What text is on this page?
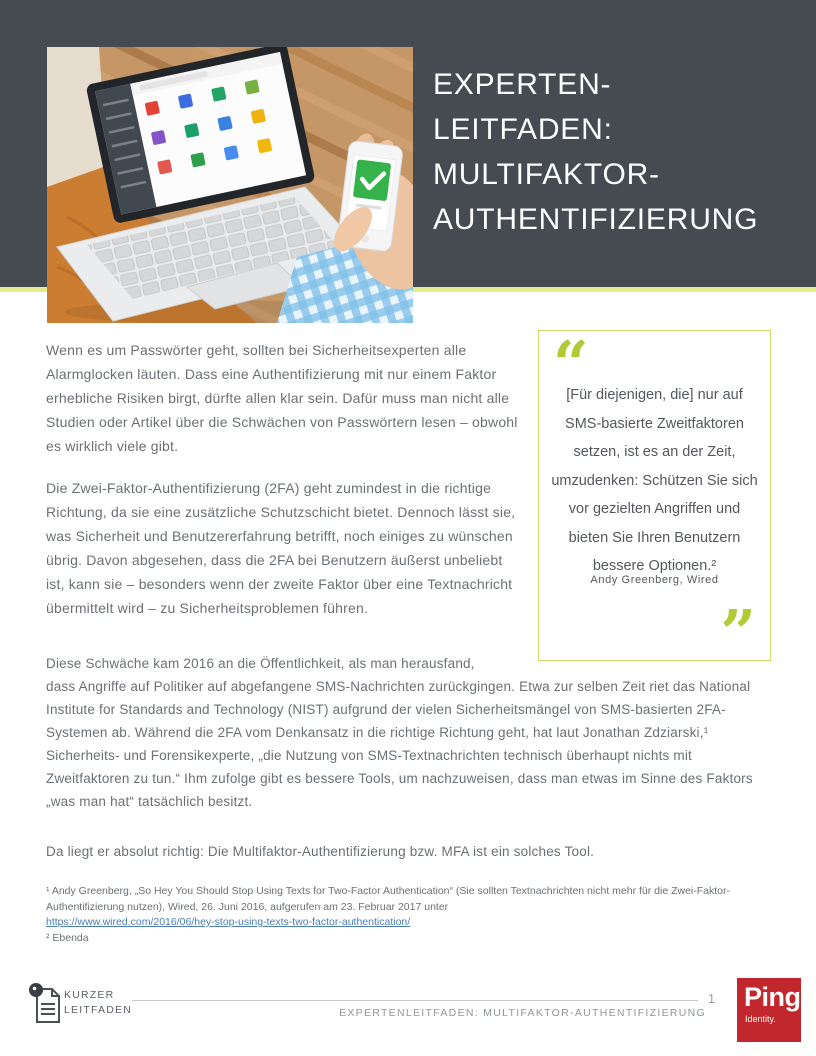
EXPERTEN-
LEITFADEN:
MULTIFAKTOR-
AUTHENTIFIZIERUNG

Wenn es um Passwörter geht, sollten bei Sicherheitsexperten alle Alarmglocken läuten. Dass eine Authentifizierung mit nur einem Faktor erhebliche Risiken birgt, dürfte allen klar sein. Dafür muss man nicht alle Studien oder Artikel über die Schwächen von Passwörtern lesen – obwohl es wirklich viele gibt.

Die Zwei-Faktor-Authentifizierung (2FA) geht zumindest in die richtige Richtung, da sie eine zusätzliche Schutzschicht bietet. Dennoch lässt sie, was Sicherheit und Benutzererfahrung betrifft, noch einiges zu wünschen übrig. Davon abgesehen, dass die 2FA bei Benutzern äußerst unbeliebt ist, kann sie – besonders wenn der zweite Faktor über eine Textnachricht übermittelt wird – zu Sicherheitsproblemen führen.

“

[Für diejenigen, die] nur auf SMS-basierte Zweitfaktoren setzen, ist es an der Zeit, umzudenken: Schützen Sie sich vor gezielten Angriffen und bieten Sie Ihren Benutzern bessere Optionen.²

Andy Greenberg, Wired

”

Diese Schwäche kam 2016 an die Öffentlichkeit, als man herausfand,

dass Angriffe auf Politiker auf abgefangene SMS-Nachrichten zurückgingen. Etwa zur selben Zeit riet das National Institute for Standards and Technology (NIST) aufgrund der vielen Sicherheitsmängel von SMS-basierten 2FA-Systemen ab. Während die 2FA vom Denkansatz in die richtige Richtung geht, hat laut Jonathan Zdziarski,¹ Sicherheits- und Forensikexperte, „die Nutzung von SMS-Textnachrichten technisch überhaupt nichts mit Zweitfaktoren zu tun.“ Ihm zufolge gibt es bessere Tools, um nachzuweisen, dass man etwas im Sinne des Faktors „was man hat“ tatsächlich besitzt.

Da liegt er absolut richtig: Die Multifaktor-Authentifizierung bzw. MFA ist ein solches Tool.

¹ Andy Greenberg, „So Hey You Should Stop Using Texts for Two-Factor Authentication“ (Sie sollten Textnachrichten nicht mehr für die Zwei-Faktor-Authentifizierung nutzen), Wired, 26. Juni 2016, aufgerufen am 23. Februar 2017 unter

https://www.wired.com/2016/06/hey-stop-using-texts-two-factor-authentication/

² Ebenda

KURZER
LEITFADEN
1
EXPERTENLEITFADEN: MULTIFAKTOR-AUTHENTIFIZIERUNG
Ping
Identity.
